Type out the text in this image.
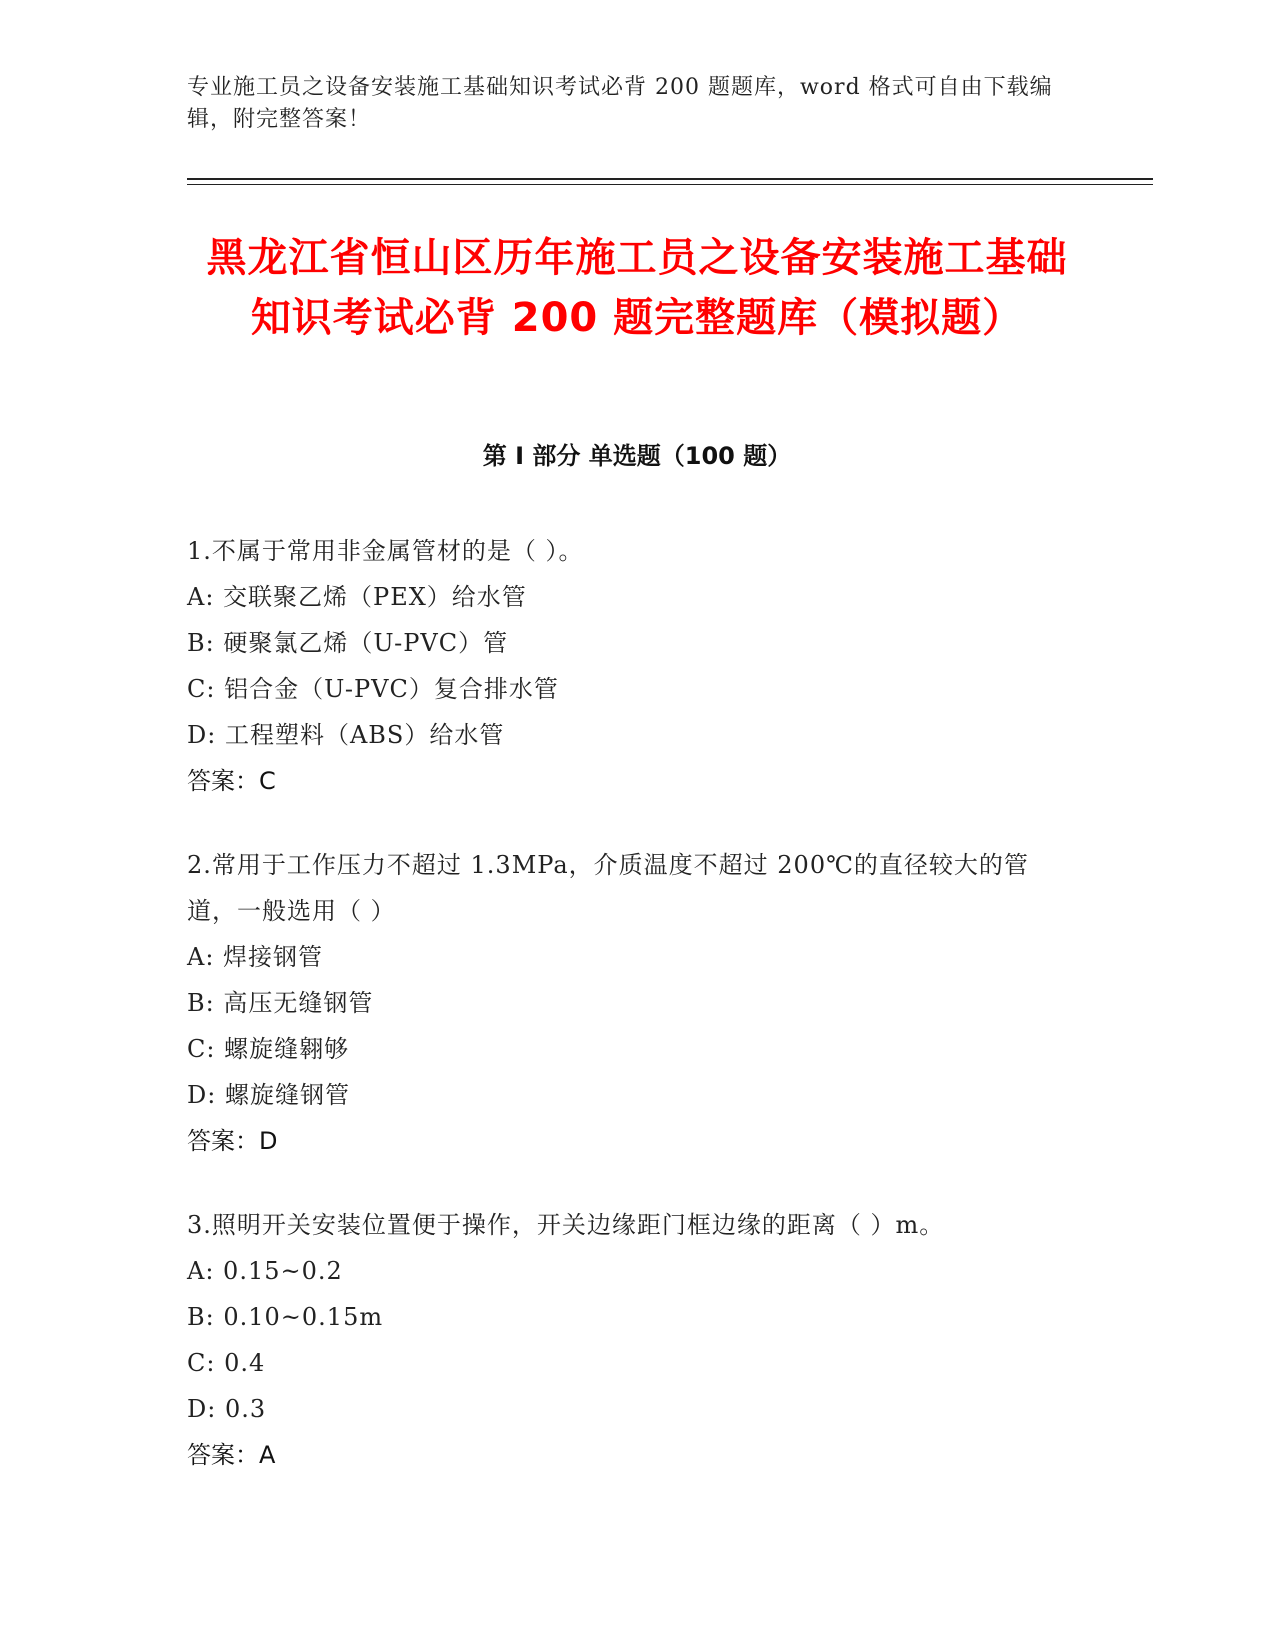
专业施工员之设备安装施工基础知识考试必背 200 题题库，word 格式可自由下载编辑，附完整答案！
黑龙江省恒山区历年施工员之设备安装施工基础知识考试必背 200 题完整题库（模拟题）
第 I 部分 单选题（100 题）
1.不属于常用非金属管材的是（ ）。
A: 交联聚乙烯（PEX）给水管
B: 硬聚氯乙烯（U-PVC）管
C: 铝合金（U-PVC）复合排水管
D: 工程塑料（ABS）给水管
答案：C
2.常用于工作压力不超过 1.3MPa，介质温度不超过 200℃的直径较大的管道，一般选用（ ）
A: 焊接钢管
B: 高压无缝钢管
C: 螺旋缝翱够
D: 螺旋缝钢管
答案：D
3.照明开关安装位置便于操作，开关边缘距门框边缘的距离（ ）m。
A: 0.15~0.2
B: 0.10~0.15m
C: 0.4
D: 0.3
答案：A
